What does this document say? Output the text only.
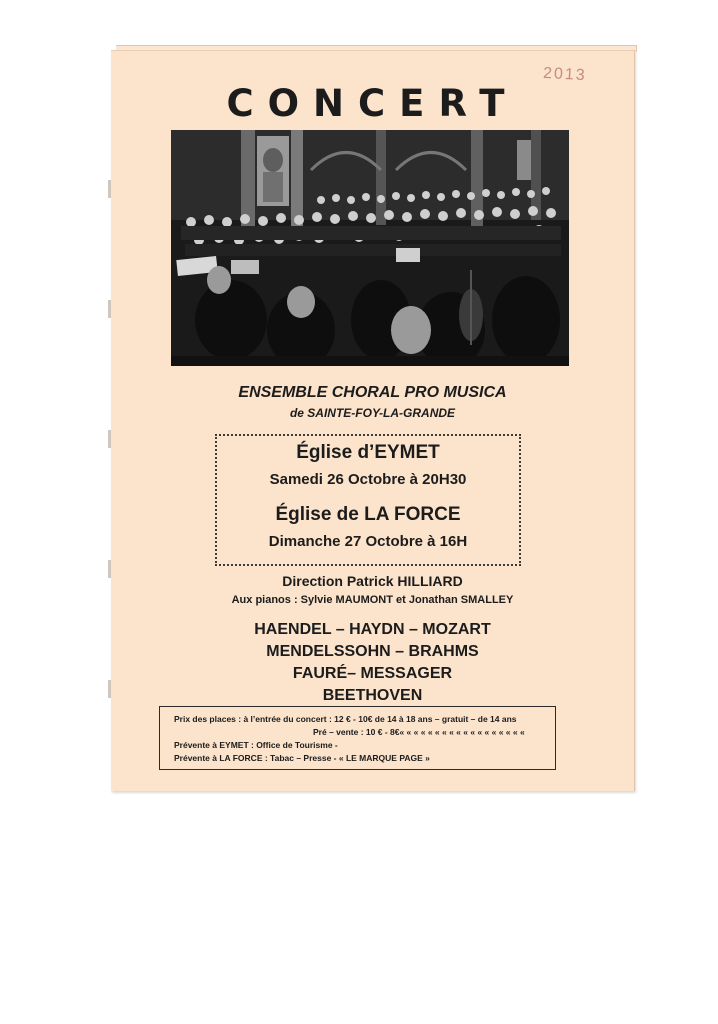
2013
CONCERT
ENSEMBLE CHORAL PRO MUSICA
de SAINTE-FOY-LA-GRANDE
Église d’EYMET
Samedi 26 Octobre à 20H30
Église de LA FORCE
Dimanche 27 Octobre à 16H
Direction Patrick HILLIARD
Aux pianos : Sylvie MAUMONT et Jonathan SMALLEY
HAENDEL – HAYDN – MOZART
MENDELSSOHN – BRAHMS
FAURÉ– MESSAGER
BEETHOVEN
Prix des places : à l’entrée du concert : 12 € - 10€ de 14 à 18 ans – gratuit – de 14 ans
Pré – vente : 10 € - 8€« « « « « « « « « « « « « « « « « «
Prévente à EYMET : Office de Tourisme -
Prévente à LA FORCE : Tabac – Presse - « LE MARQUE PAGE »
